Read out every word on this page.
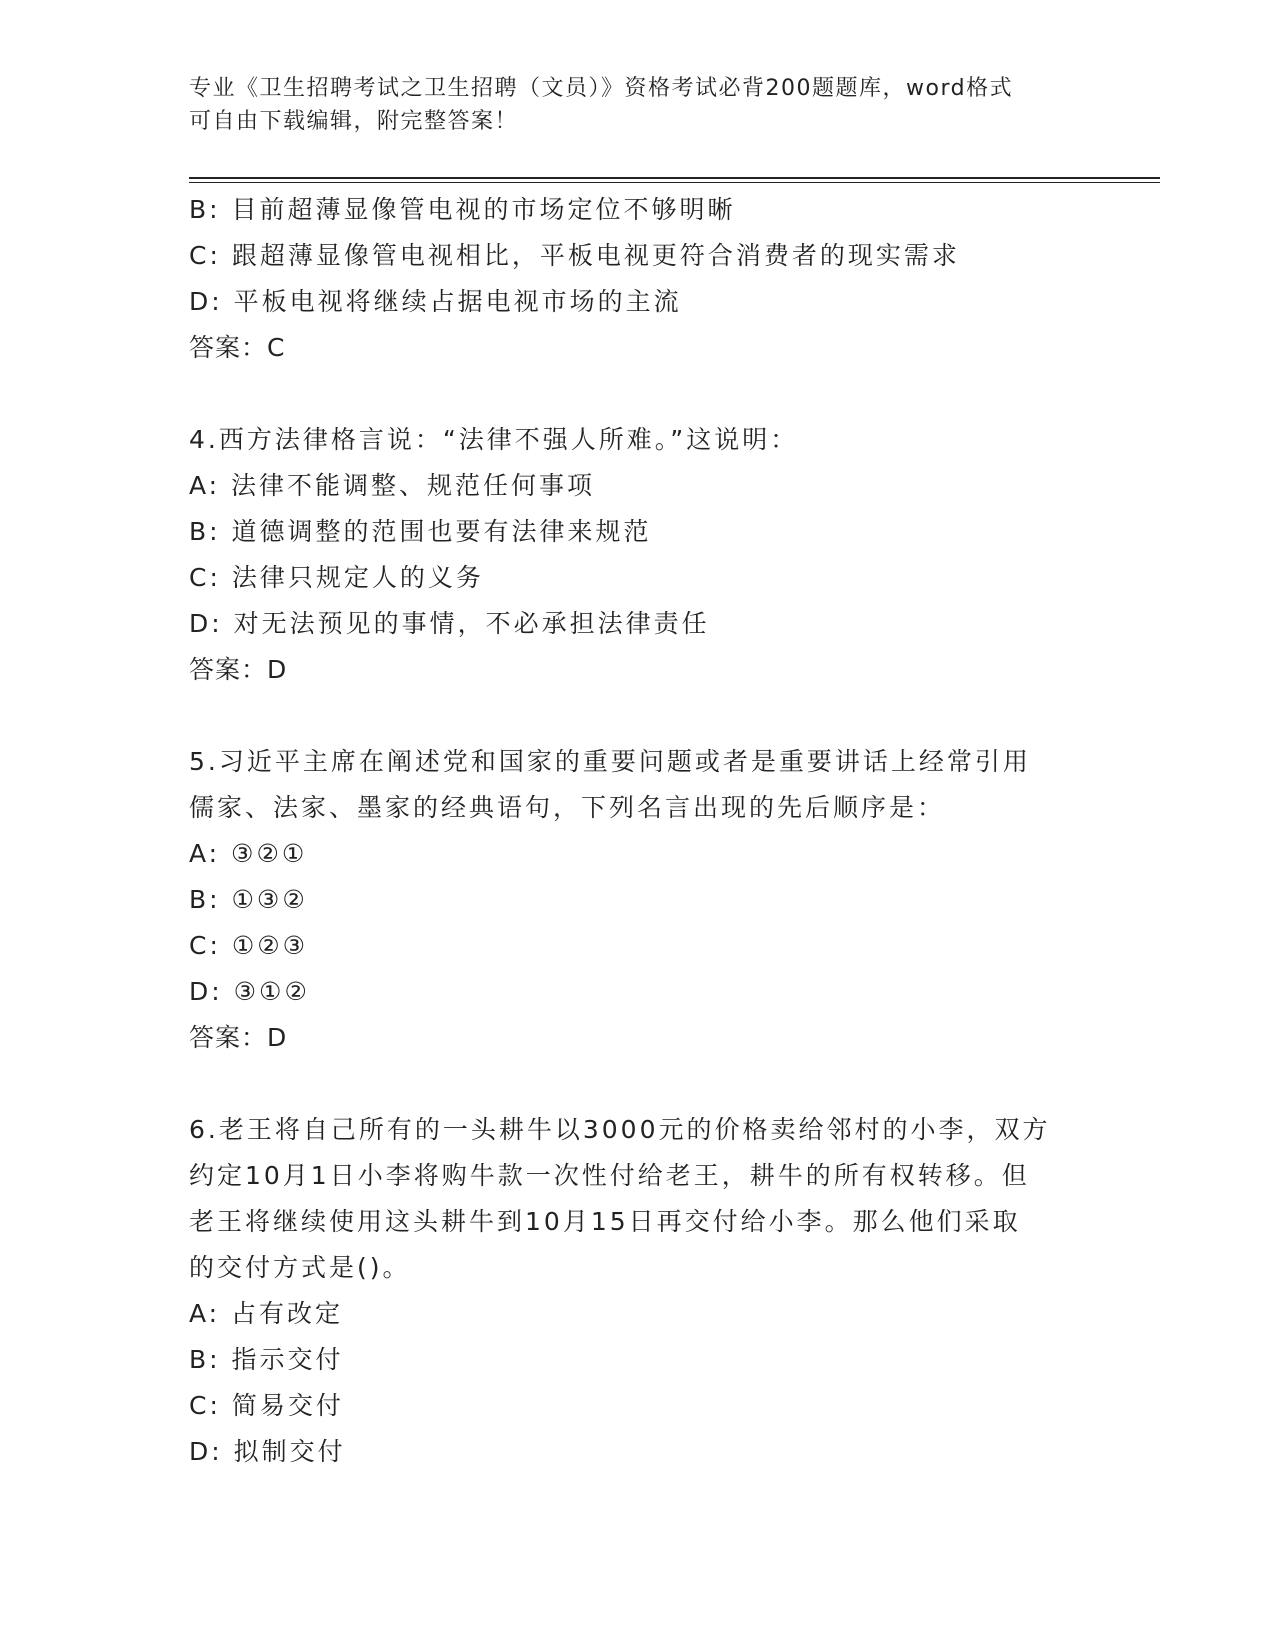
专业《卫生招聘考试之卫生招聘（文员）》资格考试必背200题题库，word格式
可自由下载编辑，附完整答案！
B: 目前超薄显像管电视的市场定位不够明晰
C: 跟超薄显像管电视相比，平板电视更符合消费者的现实需求
D: 平板电视将继续占据电视市场的主流
答案：C
4.西方法律格言说：“法律不强人所难。”这说明：
A: 法律不能调整、规范任何事项
B: 道德调整的范围也要有法律来规范
C: 法律只规定人的义务
D: 对无法预见的事情，不必承担法律责任
答案：D
5.习近平主席在阐述党和国家的重要问题或者是重要讲话上经常引用
儒家、法家、墨家的经典语句，下列名言出现的先后顺序是：
A: ③②①
B: ①③②
C: ①②③
D: ③①②
答案：D
6.老王将自己所有的一头耕牛以3000元的价格卖给邻村的小李，双方
约定10月1日小李将购牛款一次性付给老王，耕牛的所有权转移。但
老王将继续使用这头耕牛到10月15日再交付给小李。那么他们采取
的交付方式是()。
A: 占有改定
B: 指示交付
C: 简易交付
D: 拟制交付
